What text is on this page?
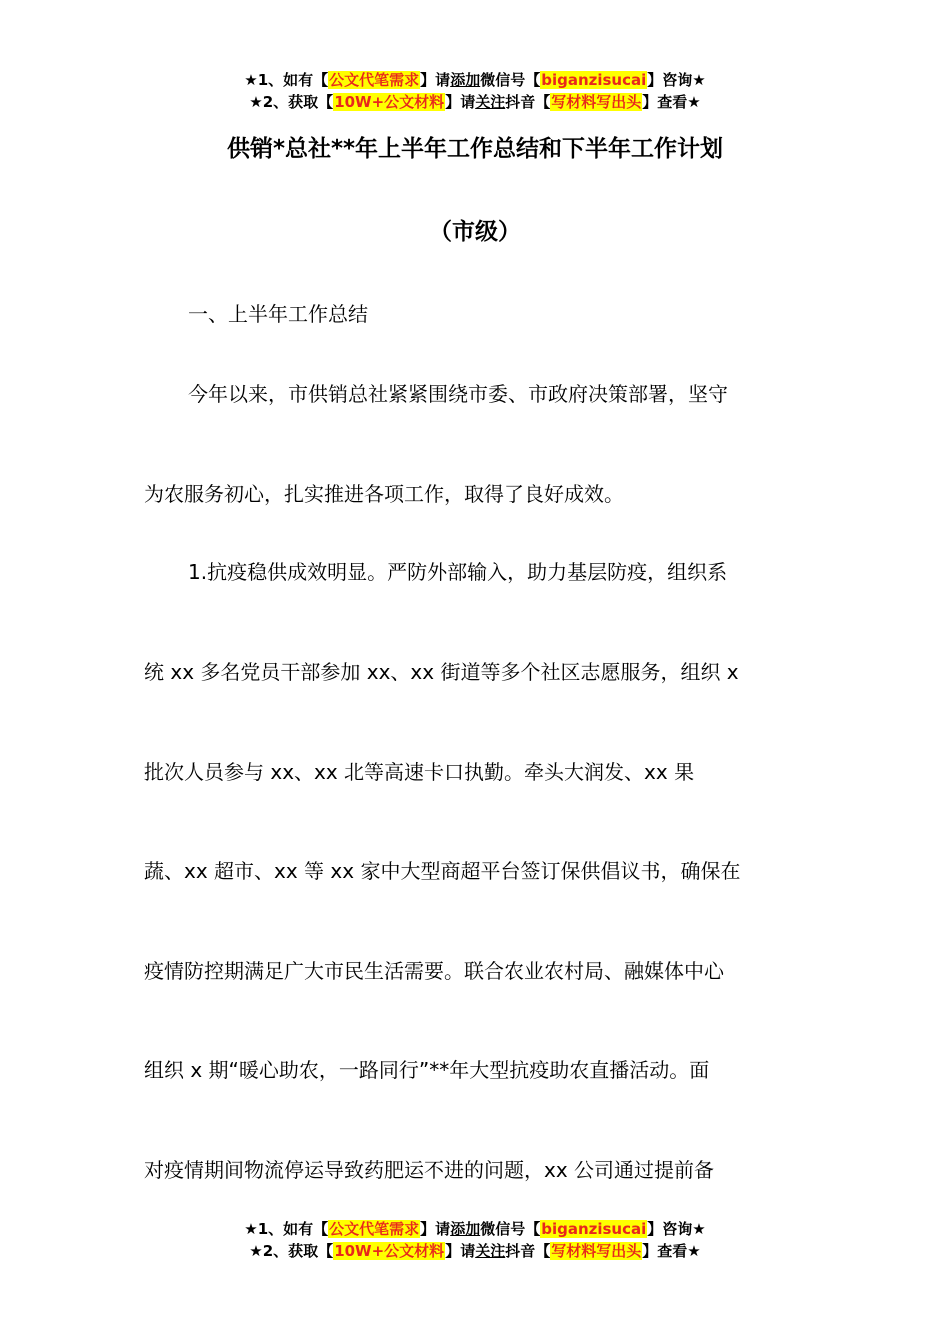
★1、如有【公文代笔需求】请添加微信号【biganzisucai】咨询★
★2、获取【10W+公文材料】请关注抖音【写材料写出头】查看★
供销*总社**年上半年工作总结和下半年工作计划
（市级）
一、上半年工作总结
今年以来，市供销总社紧紧围绕市委、市政府决策部署，坚守
为农服务初心，扎实推进各项工作，取得了良好成效。
1.抗疫稳供成效明显。严防外部输入，助力基层防疫，组织系
统 xx 多名党员干部参加 xx、xx 街道等多个社区志愿服务，组织 x
批次人员参与 xx、xx 北等高速卡口执勤。牵头大润发、xx 果
蔬、xx 超市、xx 等 xx 家中大型商超平台签订保供倡议书，确保在
疫情防控期满足广大市民生活需要。联合农业农村局、融媒体中心
组织 x 期“暖心助农，一路同行”**年大型抗疫助农直播活动。面
对疫情期间物流停运导致药肥运不进的问题，xx 公司通过提前备
★1、如有【公文代笔需求】请添加微信号【biganzisucai】咨询★
★2、获取【10W+公文材料】请关注抖音【写材料写出头】查看★
